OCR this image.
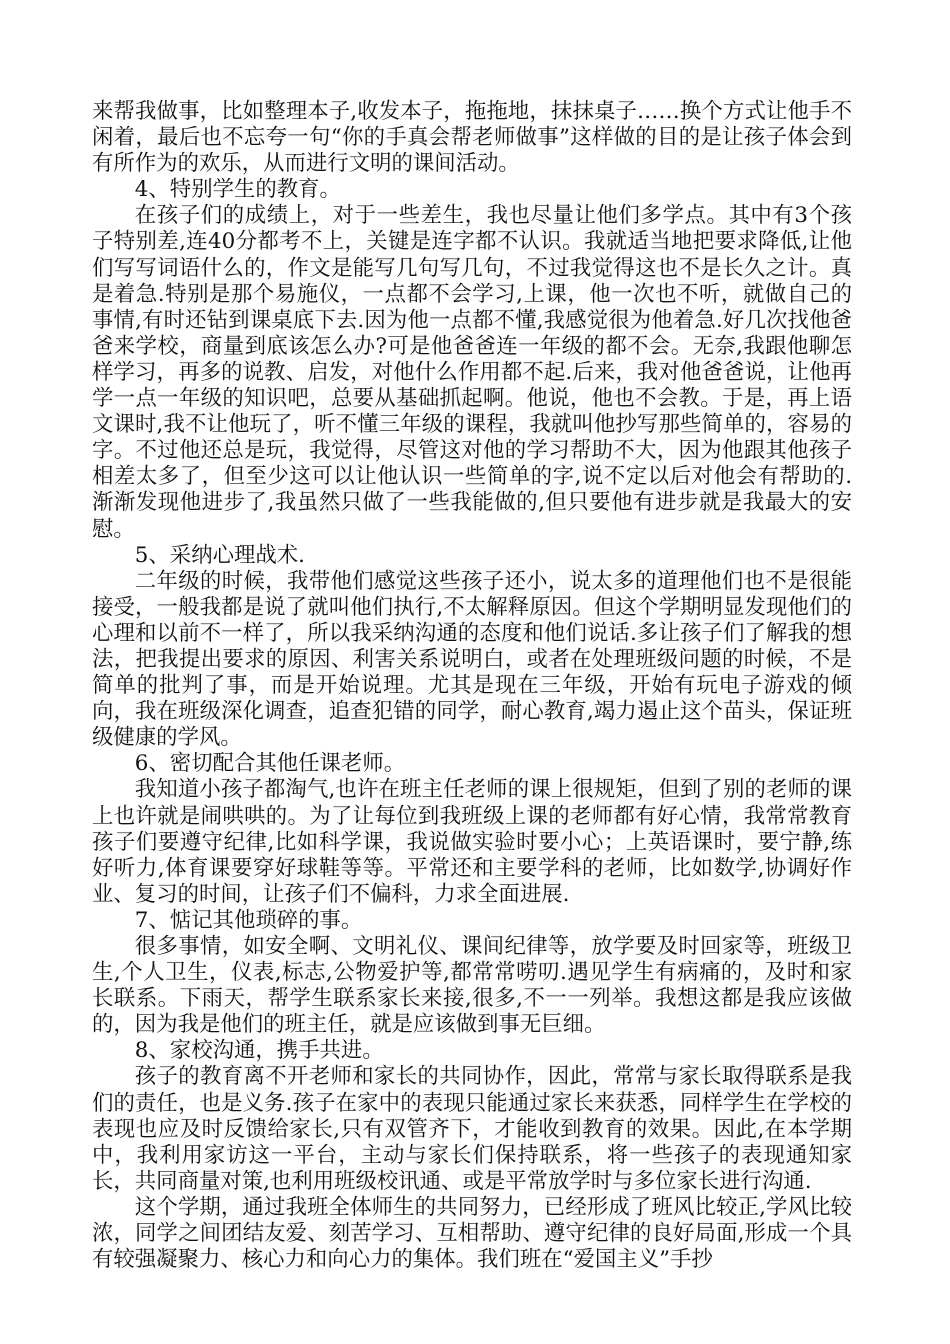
来帮我做事，比如整理本子,收发本子，拖拖地，抹抹桌子……换个方式让他手不闲着，最后也不忘夸一句“你的手真会帮老师做事”这样做的目的是让孩子体会到有所作为的欢乐，从而进行文明的课间活动。

4、特别学生的教育。

在孩子们的成绩上，对于一些差生，我也尽量让他们多学点。其中有3个孩子特别差,连40分都考不上，关键是连字都不认识。我就适当地把要求降低,让他们写写词语什么的，作文是能写几句写几句，不过我觉得这也不是长久之计。真是着急.特别是那个易施仪，一点都不会学习,上课，他一次也不听，就做自己的事情,有时还钻到课桌底下去.因为他一点都不懂,我感觉很为他着急.好几次找他爸爸来学校，商量到底该怎么办?可是他爸爸连一年级的都不会。无奈,我跟他聊怎样学习，再多的说教、启发，对他什么作用都不起.后来，我对他爸爸说，让他再学一点一年级的知识吧，总要从基础抓起啊。他说，他也不会教。于是，再上语文课时,我不让他玩了，听不懂三年级的课程，我就叫他抄写那些简单的，容易的字。不过他还总是玩，我觉得，尽管这对他的学习帮助不大，因为他跟其他孩子相差太多了，但至少这可以让他认识一些简单的字,说不定以后对他会有帮助的.渐渐发现他进步了,我虽然只做了一些我能做的,但只要他有进步就是我最大的安慰。

5、采纳心理战术.

二年级的时候，我带他们感觉这些孩子还小，说太多的道理他们也不是很能接受，一般我都是说了就叫他们执行,不太解释原因。但这个学期明显发现他们的心理和以前不一样了，所以我采纳沟通的态度和他们说话.多让孩子们了解我的想法，把我提出要求的原因、利害关系说明白，或者在处理班级问题的时候，不是简单的批判了事，而是开始说理。尤其是现在三年级，开始有玩电子游戏的倾向，我在班级深化调查，追查犯错的同学，耐心教育,竭力遏止这个苗头，保证班级健康的学风。

6、密切配合其他任课老师。

我知道小孩子都淘气,也许在班主任老师的课上很规矩，但到了别的老师的课上也许就是闹哄哄的。为了让每位到我班级上课的老师都有好心情，我常常教育孩子们要遵守纪律,比如科学课，我说做实验时要小心；上英语课时，要宁静,练好听力,体育课要穿好球鞋等等。平常还和主要学科的老师，比如数学,协调好作业、复习的时间，让孩子们不偏科，力求全面进展.

7、惦记其他琐碎的事。

很多事情，如安全啊、文明礼仪、课间纪律等，放学要及时回家等，班级卫生,个人卫生，仪表,标志,公物爱护等,都常常唠叨.遇见学生有病痛的，及时和家长联系。下雨天，帮学生联系家长来接,很多,不一一列举。我想这都是我应该做的，因为我是他们的班主任，就是应该做到事无巨细。

8、家校沟通，携手共进。

孩子的教育离不开老师和家长的共同协作，因此，常常与家长取得联系是我们的责任，也是义务.孩子在家中的表现只能通过家长来获悉，同样学生在学校的表现也应及时反馈给家长,只有双管齐下，才能收到教育的效果。因此,在本学期中，我利用家访这一平台，主动与家长们保持联系，将一些孩子的表现通知家长，共同商量对策,也利用班级校讯通、或是平常放学时与多位家长进行沟通.

这个学期，通过我班全体师生的共同努力，已经形成了班风比较正,学风比较浓，同学之间团结友爱、刻苦学习、互相帮助、遵守纪律的良好局面,形成一个具有较强凝聚力、核心力和向心力的集体。我们班在“爱国主义”手抄
